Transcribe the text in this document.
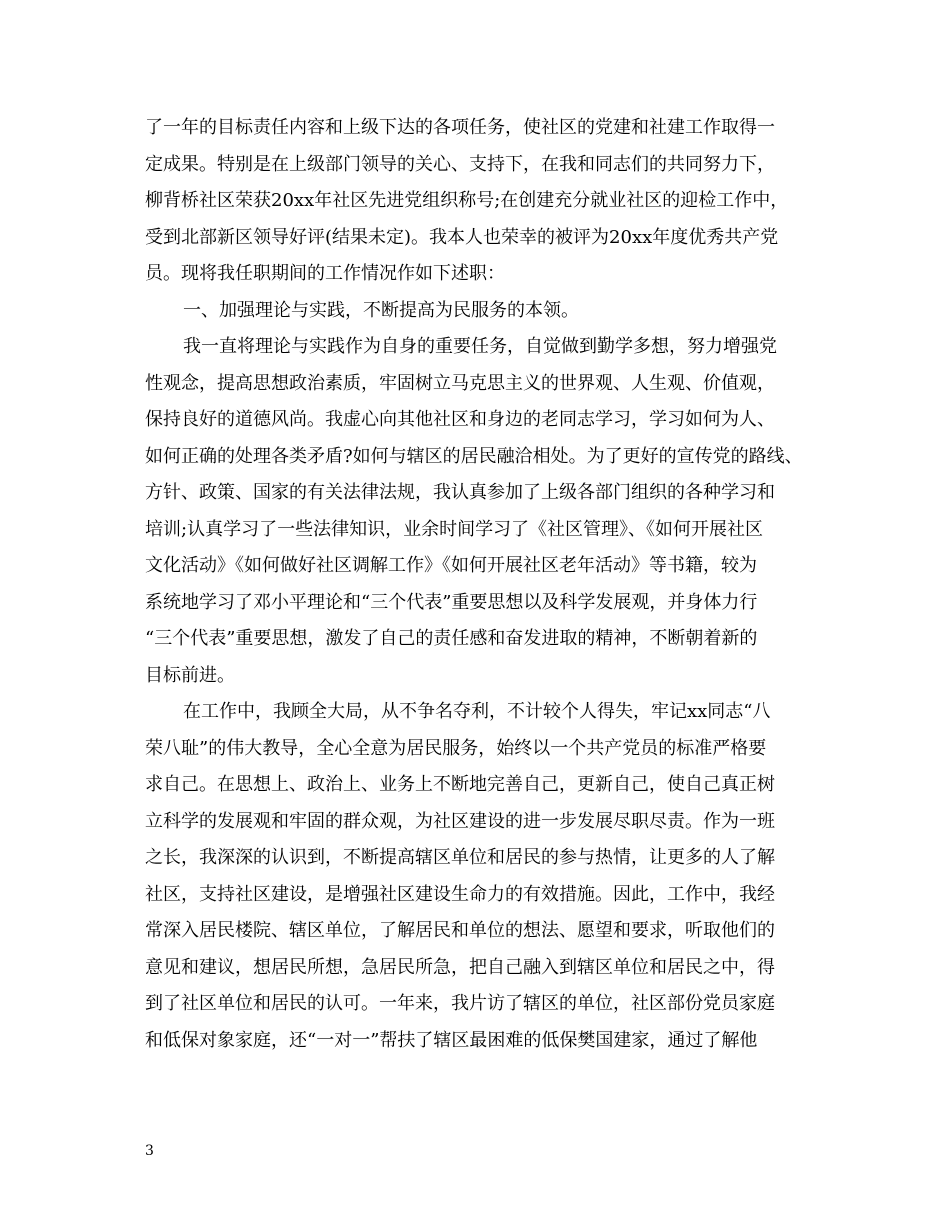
了一年的目标责任内容和上级下达的各项任务，使社区的党建和社建工作取得一
定成果。特别是在上级部门领导的关心、支持下，在我和同志们的共同努力下，
柳背桥社区荣获20xx年社区先进党组织称号;在创建充分就业社区的迎检工作中，
受到北部新区领导好评(结果未定)。我本人也荣幸的被评为20xx年度优秀共产党
员。现将我任职期间的工作情况作如下述职：
一、加强理论与实践，不断提高为民服务的本领。
我一直将理论与实践作为自身的重要任务，自觉做到勤学多想，努力增强党
性观念，提高思想政治素质，牢固树立马克思主义的世界观、人生观、价值观，
保持良好的道德风尚。我虚心向其他社区和身边的老同志学习，学习如何为人、
如何正确的处理各类矛盾?如何与辖区的居民融洽相处。为了更好的宣传党的路线、
方针、政策、国家的有关法律法规，我认真参加了上级各部门组织的各种学习和
培训;认真学习了一些法律知识，业余时间学习了《社区管理》、《如何开展社区
文化活动》《如何做好社区调解工作》《如何开展社区老年活动》等书籍，较为
系统地学习了邓小平理论和“三个代表”重要思想以及科学发展观，并身体力行
“三个代表”重要思想，激发了自己的责任感和奋发进取的精神，不断朝着新的
目标前进。
在工作中，我顾全大局，从不争名夺利，不计较个人得失，牢记xx同志“八
荣八耻”的伟大教导，全心全意为居民服务，始终以一个共产党员的标准严格要
求自己。在思想上、政治上、业务上不断地完善自己，更新自己，使自己真正树
立科学的发展观和牢固的群众观，为社区建设的进一步发展尽职尽责。作为一班
之长，我深深的认识到，不断提高辖区单位和居民的参与热情，让更多的人了解
社区，支持社区建设，是增强社区建设生命力的有效措施。因此，工作中，我经
常深入居民楼院、辖区单位，了解居民和单位的想法、愿望和要求，听取他们的
意见和建议，想居民所想，急居民所急，把自己融入到辖区单位和居民之中，得
到了社区单位和居民的认可。一年来，我片访了辖区的单位，社区部份党员家庭
和低保对象家庭，还“一对一”帮扶了辖区最困难的低保樊国建家，通过了解他
3
